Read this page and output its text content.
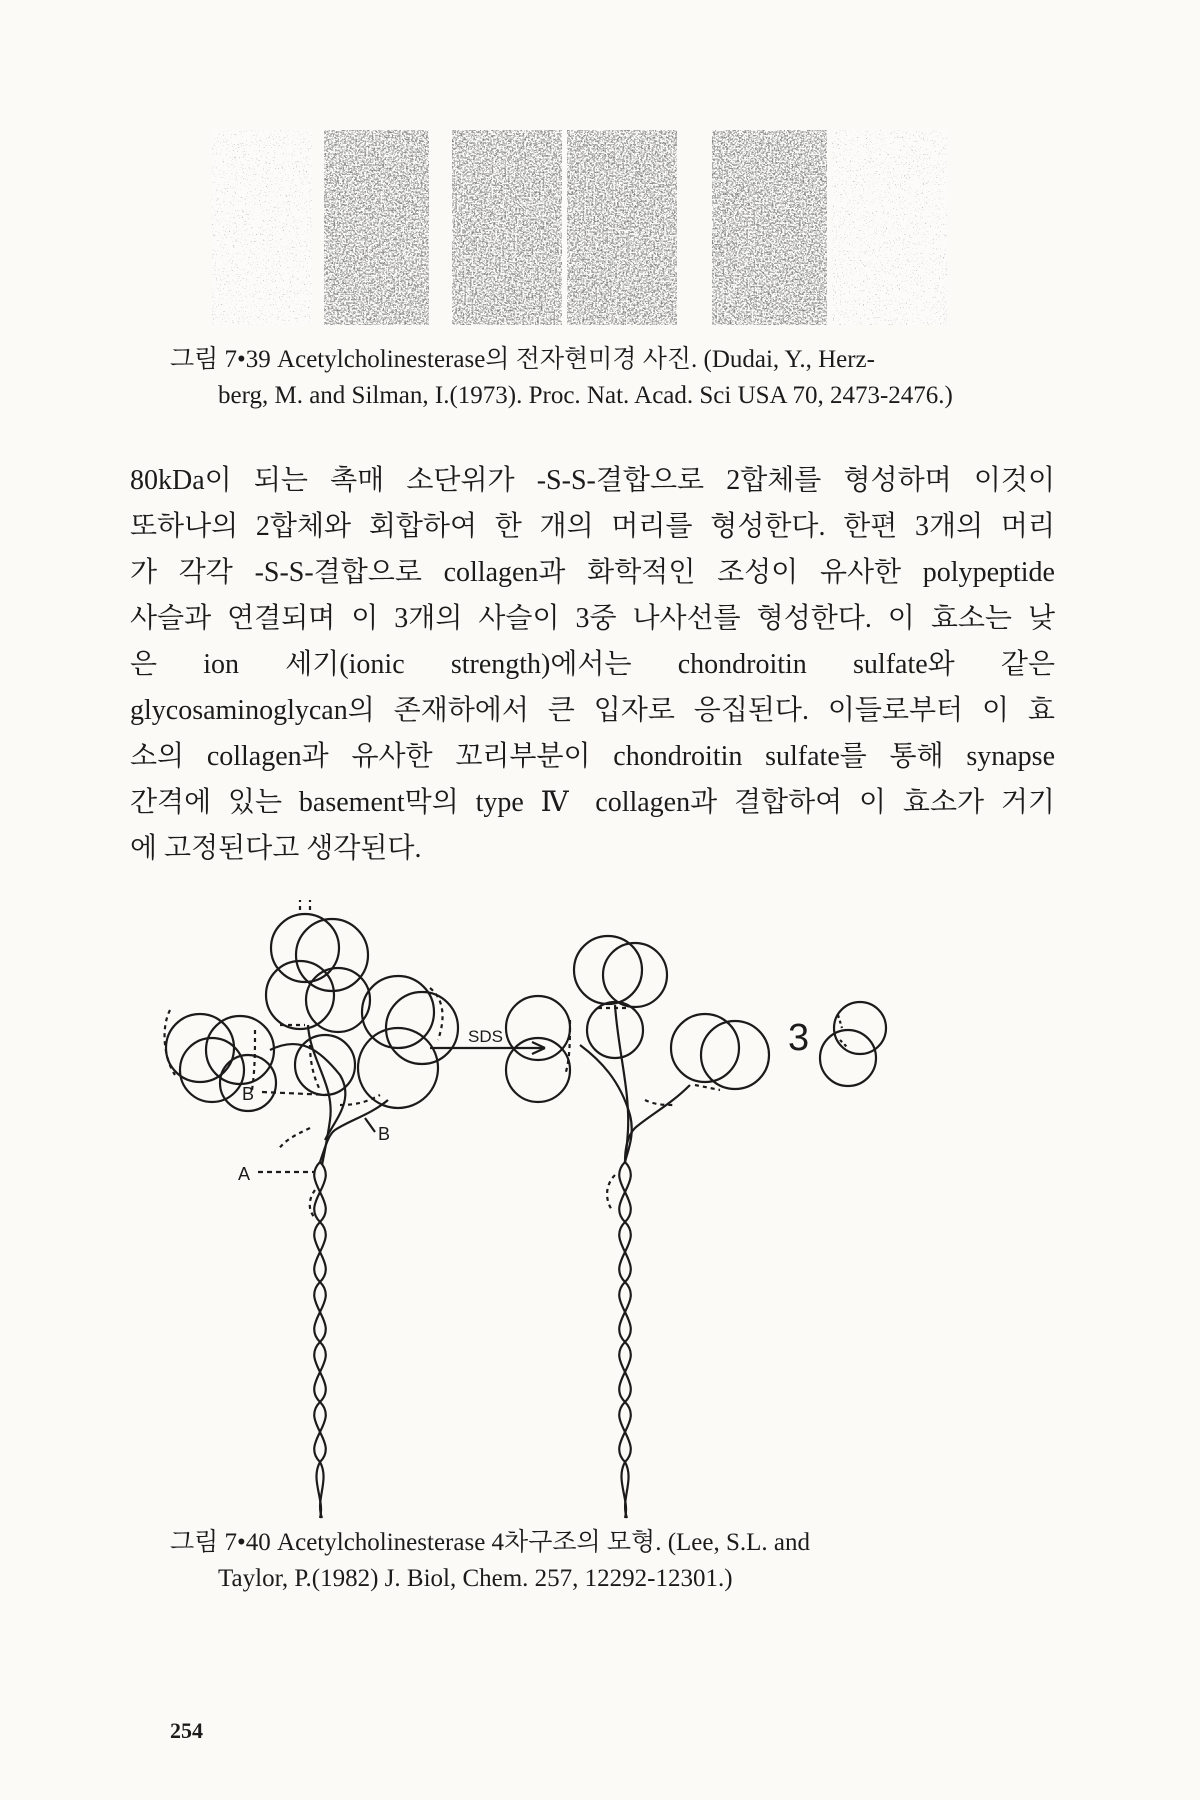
그림 7•39 Acetylcholinesterase의 전자현미경 사진. (Dudai, Y., Herz-
berg, M. and Silman, I.(1973). Proc. Nat. Acad. Sci USA 70, 2473-2476.)
80kDa이 되는 촉매 소단위가 -S-S-결합으로 2합체를 형성하며 이것이
또하나의 2합체와 회합하여 한 개의 머리를 형성한다. 한편 3개의 머리
가 각각 -S-S-결합으로 collagen과 화학적인 조성이 유사한 polypeptide
사슬과 연결되며 이 3개의 사슬이 3중 나사선를 형성한다. 이 효소는 낮
은 ion 세기(ionic strength)에서는 chondroitin sulfate와 같은
glycosaminoglycan의 존재하에서 큰 입자로 응집된다. 이들로부터 이 효
소의 collagen과 유사한 꼬리부분이 chondroitin sulfate를 통해 synapse
간격에 있는 basement막의 type Ⅳ collagen과 결합하여 이 효소가 거기
에 고정된다고 생각된다.
B
B
A
SDS	3
그림 7•40 Acetylcholinesterase 4차구조의 모형. (Lee, S.L. and
Taylor, P.(1982) J. Biol, Chem. 257, 12292-12301.)
254
